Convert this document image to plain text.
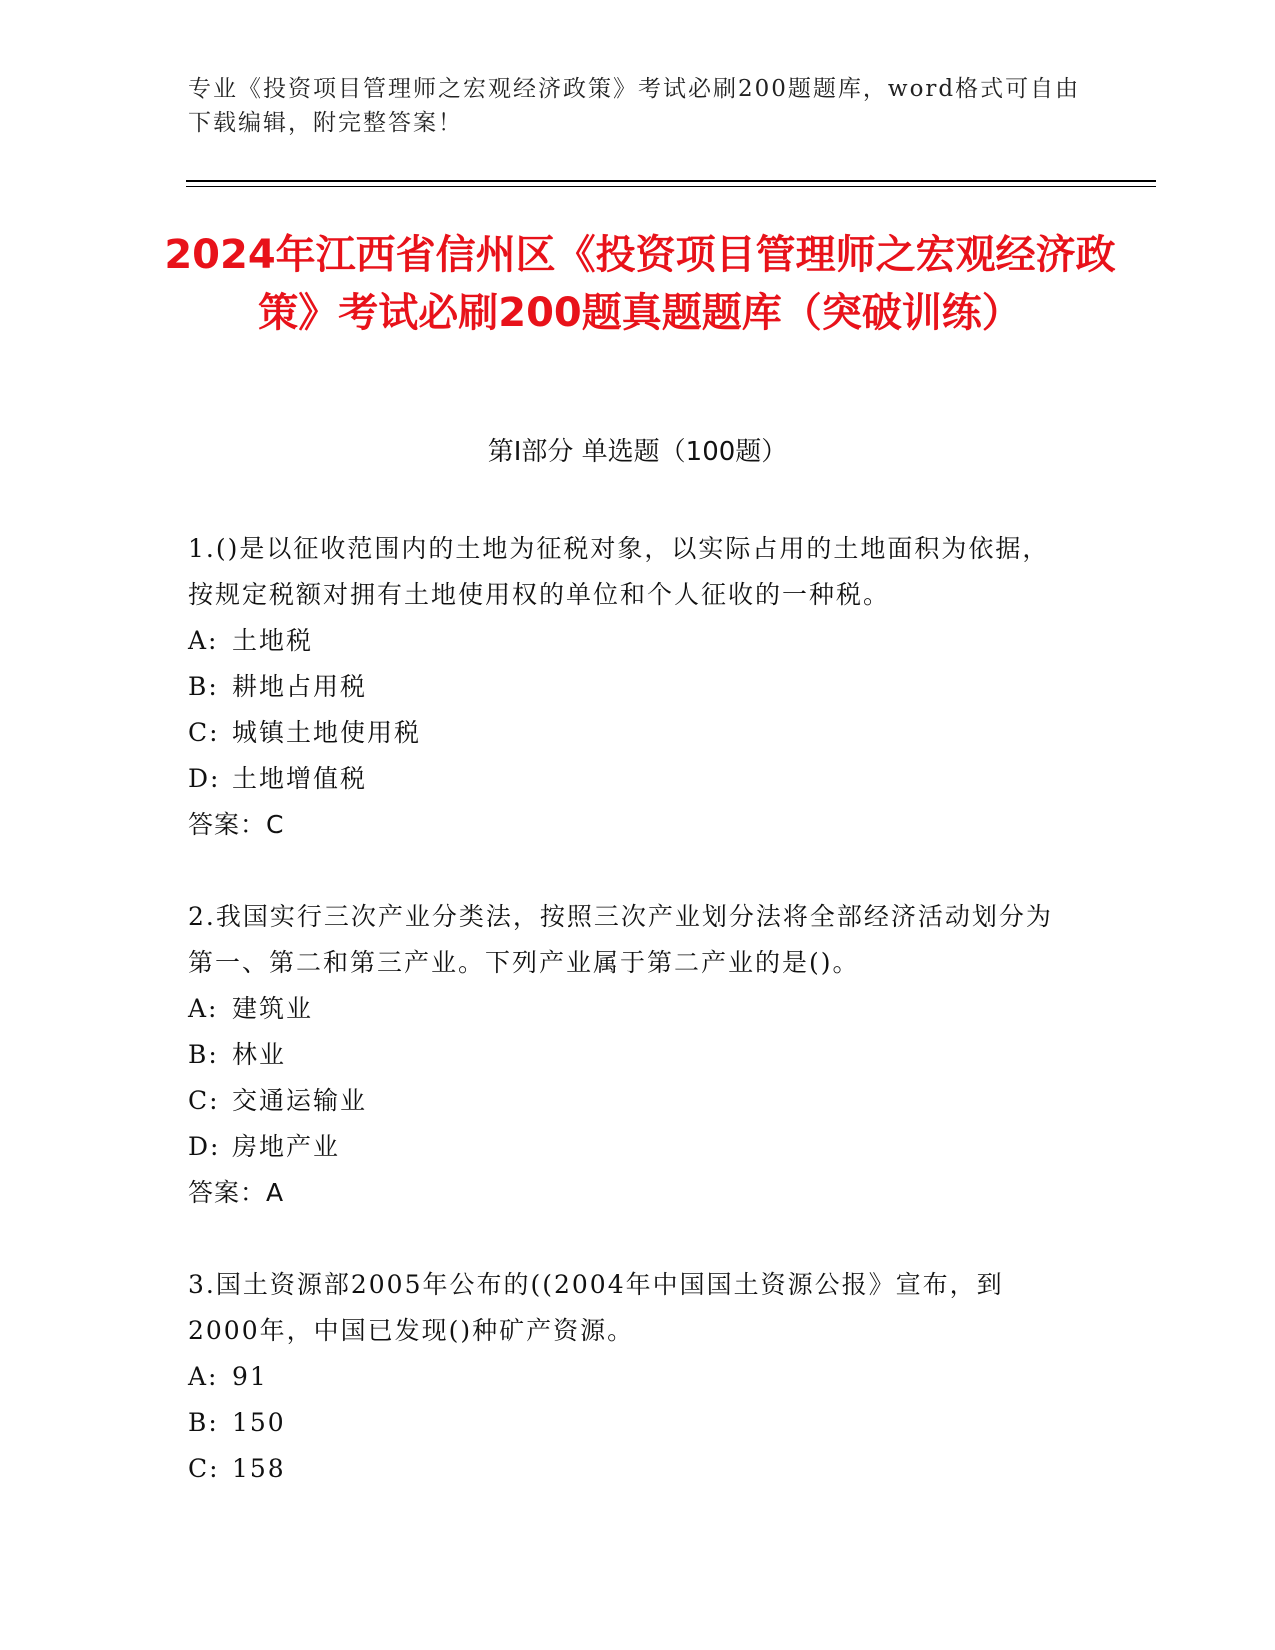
专业《投资项目管理师之宏观经济政策》考试必刷200题题库，word格式可自由下载编辑，附完整答案！
2024年江西省信州区《投资项目管理师之宏观经济政策》考试必刷200题真题题库（突破训练）
第Ⅰ部分 单选题（100题）

1.()是以征收范围内的土地为征税对象，以实际占用的土地面积为依据，按规定税额对拥有土地使用权的单位和个人征收的一种税。

A: 土地税
B: 耕地占用税
C: 城镇土地使用税
D: 土地增值税
答案：C

2.我国实行三次产业分类法，按照三次产业划分法将全部经济活动划分为第一、第二和第三产业。下列产业属于第二产业的是()。

A: 建筑业
B: 林业
C: 交通运输业
D: 房地产业
答案：A

3.国土资源部2005年公布的((2004年中国国土资源公报》宣布，到2000年，中国已发现()种矿产资源。

A: 91
B: 150
C: 158
